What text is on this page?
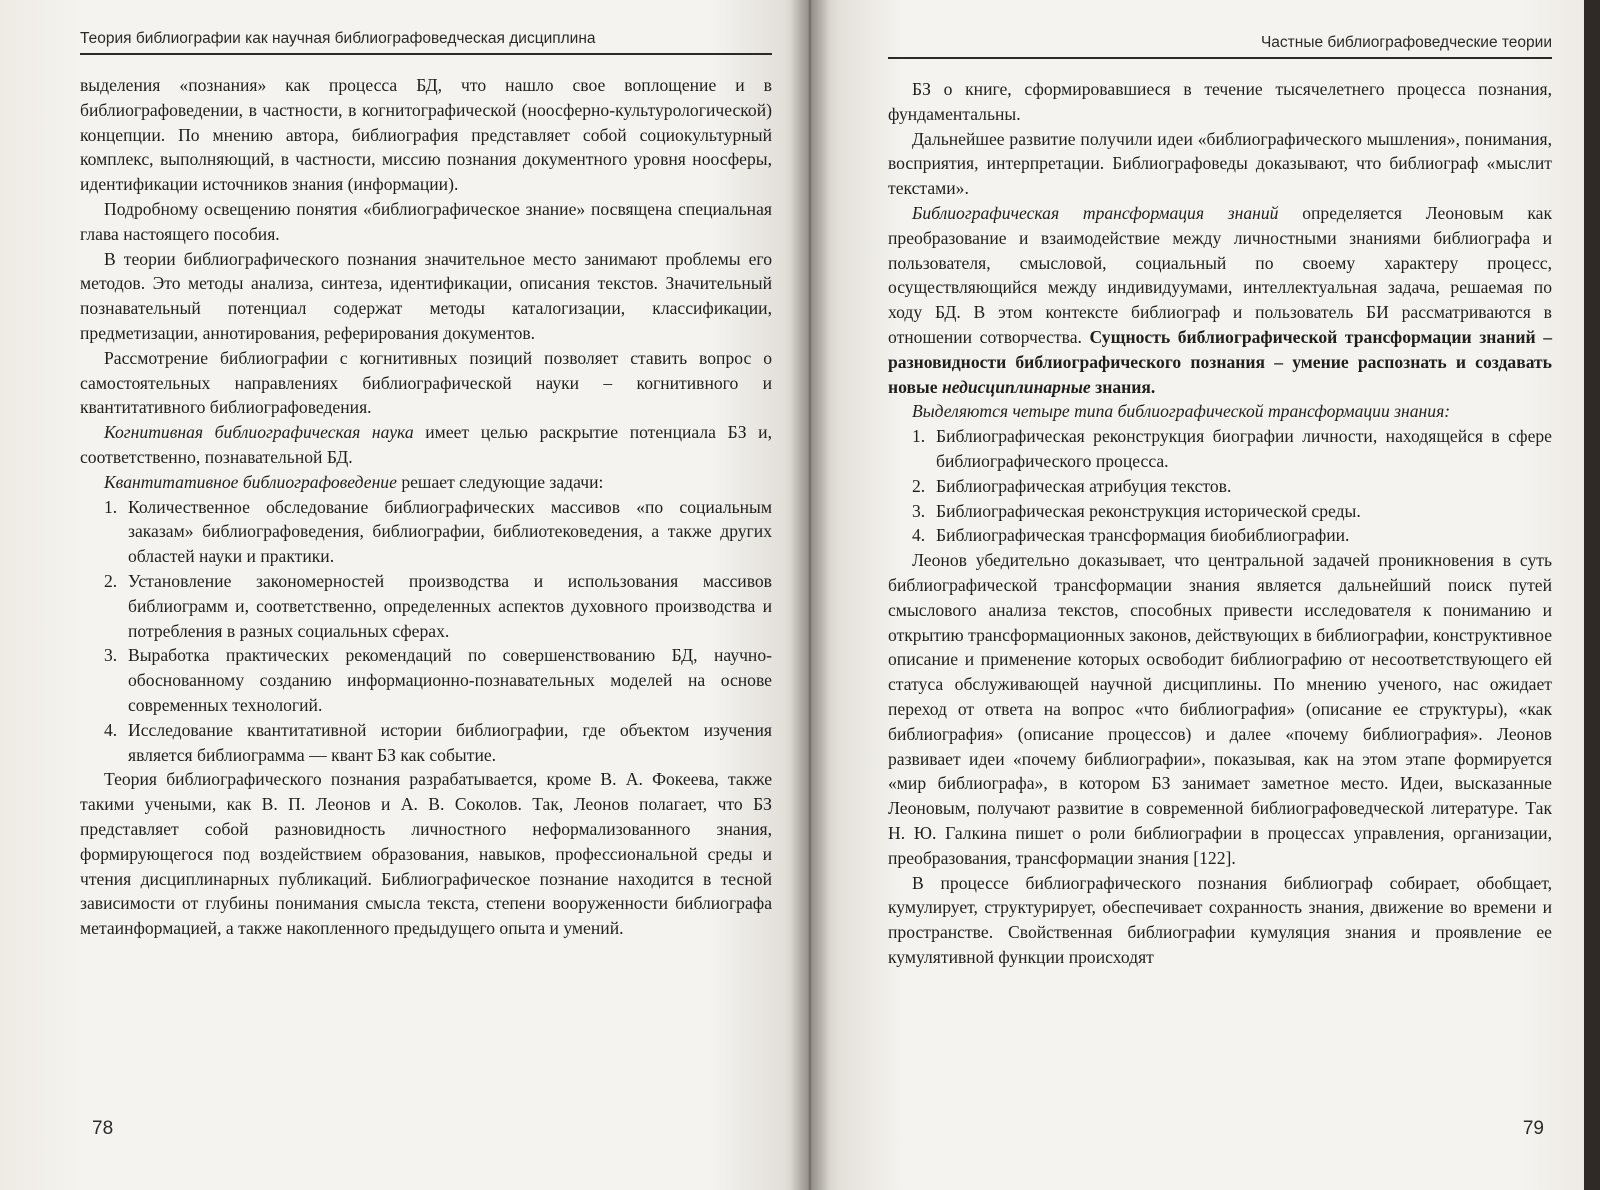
Теория библиографии как научная библиографоведческая дисциплина

выделения «познания» как процесса БД, что нашло свое воплощение и в библиографоведении, в частности, в когнитографической (ноосферно-культурологической) концепции. По мнению автора, библиография представляет собой социокультурный комплекс, выполняющий, в частности, миссию познания документного уровня ноосферы, идентификации источников знания (информации).

Подробному освещению понятия «библиографическое знание» посвящена специальная глава настоящего пособия.

В теории библиографического познания значительное место занимают проблемы его методов. Это методы анализа, синтеза, идентификации, описания текстов. Значительный познавательный потенциал содержат методы каталогизации, классификации, предметизации, аннотирования, реферирования документов.

Рассмотрение библиографии с когнитивных позиций позволяет ставить вопрос о самостоятельных направлениях библиографической науки – когнитивного и квантитативного библиографоведения.

Когнитивная библиографическая наука имеет целью раскрытие потенциала БЗ и, соответственно, познавательной БД.

Квантитативное библиографоведение решает следующие задачи:

1. Количественное обследование библиографических массивов «по социальным заказам» библиографоведения, библиографии, библиотековедения, а также других областей науки и практики.
2. Установление закономерностей производства и использования массивов библиограмм и, соответственно, определенных аспектов духовного производства и потребления в разных социальных сферах.
3. Выработка практических рекомендаций по совершенствованию БД, научно-обоснованному созданию информационно-познавательных моделей на основе современных технологий.
4. Исследование квантитативной истории библиографии, где объектом изучения является библиограмма — квант БЗ как событие.

Теория библиографического познания разрабатывается, кроме В. А. Фокеева, также такими учеными, как В. П. Леонов и А. В. Соколов. Так, Леонов полагает, что БЗ представляет собой разновидность личностного неформализованного знания, формирующегося под воздействием образования, навыков, профессиональной среды и чтения дисциплинарных публикаций. Библиографическое познание находится в тесной зависимости от глубины понимания смысла текста, степени вооруженности библиографа метаинформацией, а также накопленного предыдущего опыта и умений.

78
Частные библиографоведческие теории

БЗ о книге, сформировавшиеся в течение тысячелетнего процесса познания, фундаментальны.

Дальнейшее развитие получили идеи «библиографического мышления», понимания, восприятия, интерпретации. Библиографоведы доказывают, что библиограф «мыслит текстами».

Библиографическая трансформация знаний определяется Леоновым как преобразование и взаимодействие между личностными знаниями библиографа и пользователя, смысловой, социальный по своему характеру процесс, осуществляющийся между индивидуумами, интеллектуальная задача, решаемая по ходу БД. В этом контексте библиограф и пользователь БИ рассматриваются в отношении сотворчества. Сущность библиографической трансформации знаний – разновидности библиографического познания – умение распознать и создавать новые недисциплинарные знания.

Выделяются четыре типа библиографической трансформации знания:

1. Библиографическая реконструкция биографии личности, находящейся в сфере библиографического процесса.
2. Библиографическая атрибуция текстов.
3. Библиографическая реконструкция исторической среды.
4. Библиографическая трансформация биобиблиографии.

Леонов убедительно доказывает, что центральной задачей проникновения в суть библиографической трансформации знания является дальнейший поиск путей смыслового анализа текстов, способных привести исследователя к пониманию и открытию трансформационных законов, действующих в библиографии, конструктивное описание и применение которых освободит библиографию от несоответствующего ей статуса обслуживающей научной дисциплины. По мнению ученого, нас ожидает переход от ответа на вопрос «что библиография» (описание ее структуры), «как библиография» (описание процессов) и далее «почему библиография». Леонов развивает идеи «почему библиографии», показывая, как на этом этапе формируется «мир библиографа», в котором БЗ занимает заметное место. Идеи, высказанные Леоновым, получают развитие в современной библиографоведческой литературе. Так Н. Ю. Галкина пишет о роли библиографии в процессах управления, организации, преобразования, трансформации знания [122].

В процессе библиографического познания библиограф собирает, обобщает, кумулирует, структурирует, обеспечивает сохранность знания, движение во времени и пространстве. Свойственная библиографии кумуляция знания и проявление ее кумулятивной функции происходят

79
